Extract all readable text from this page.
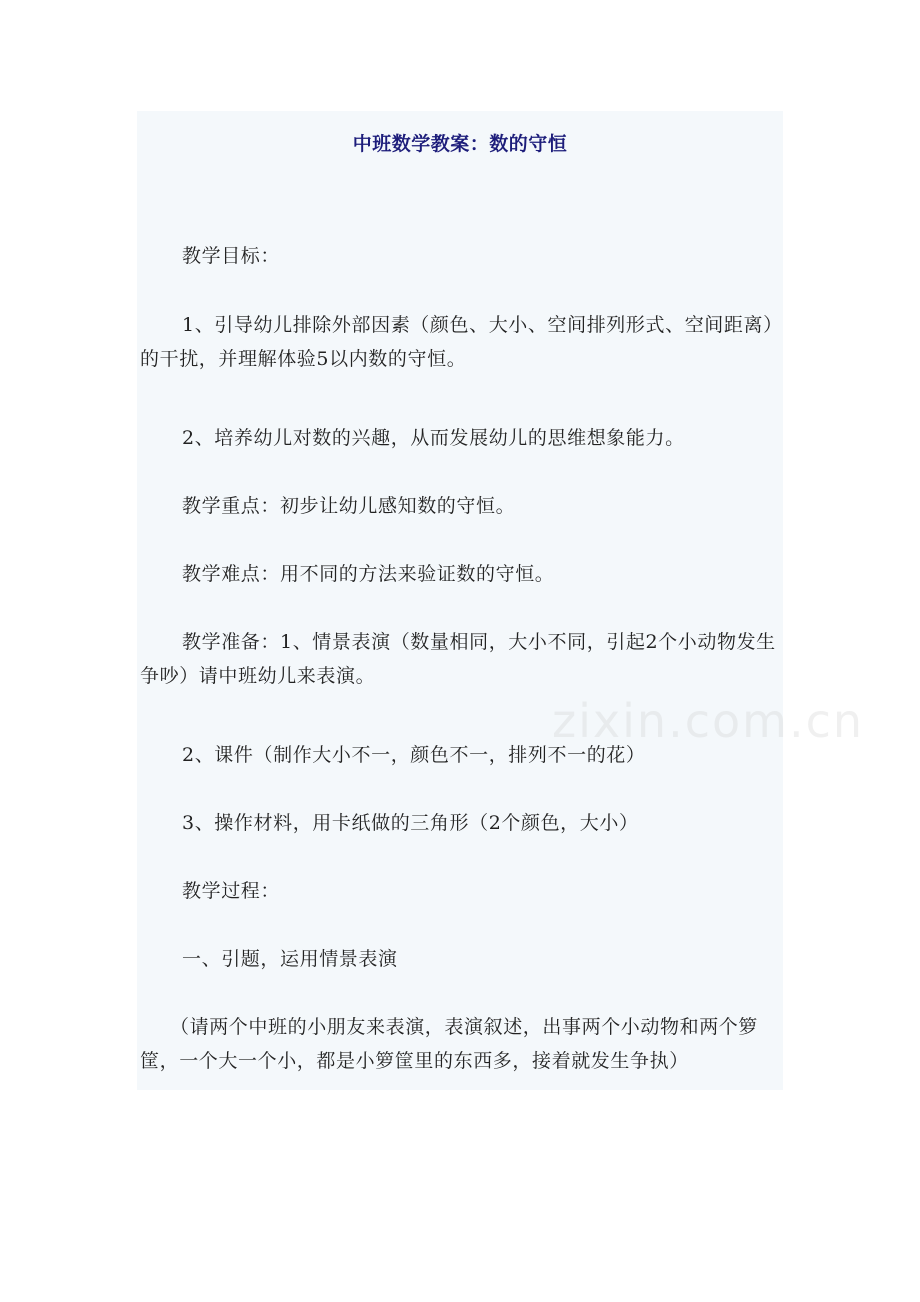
中班数学教案：数的守恒

教学目标：

1、引导幼儿排除外部因素（颜色、大小、空间排列形式、空间距离）的干扰，并理解体验5以内数的守恒。

2、培养幼儿对数的兴趣，从而发展幼儿的思维想象能力。

教学重点：初步让幼儿感知数的守恒。

教学难点：用不同的方法来验证数的守恒。

教学准备：1、情景表演（数量相同，大小不同，引起2个小动物发生争吵）请中班幼儿来表演。

2、课件（制作大小不一，颜色不一，排列不一的花）

3、操作材料，用卡纸做的三角形（2个颜色，大小）

教学过程：

一、引题，运用情景表演

（请两个中班的小朋友来表演，表演叙述，出事两个小动物和两个箩筐，一个大一个小，都是小箩筐里的东西多，接着就发生争执）

zixin.com.cn
